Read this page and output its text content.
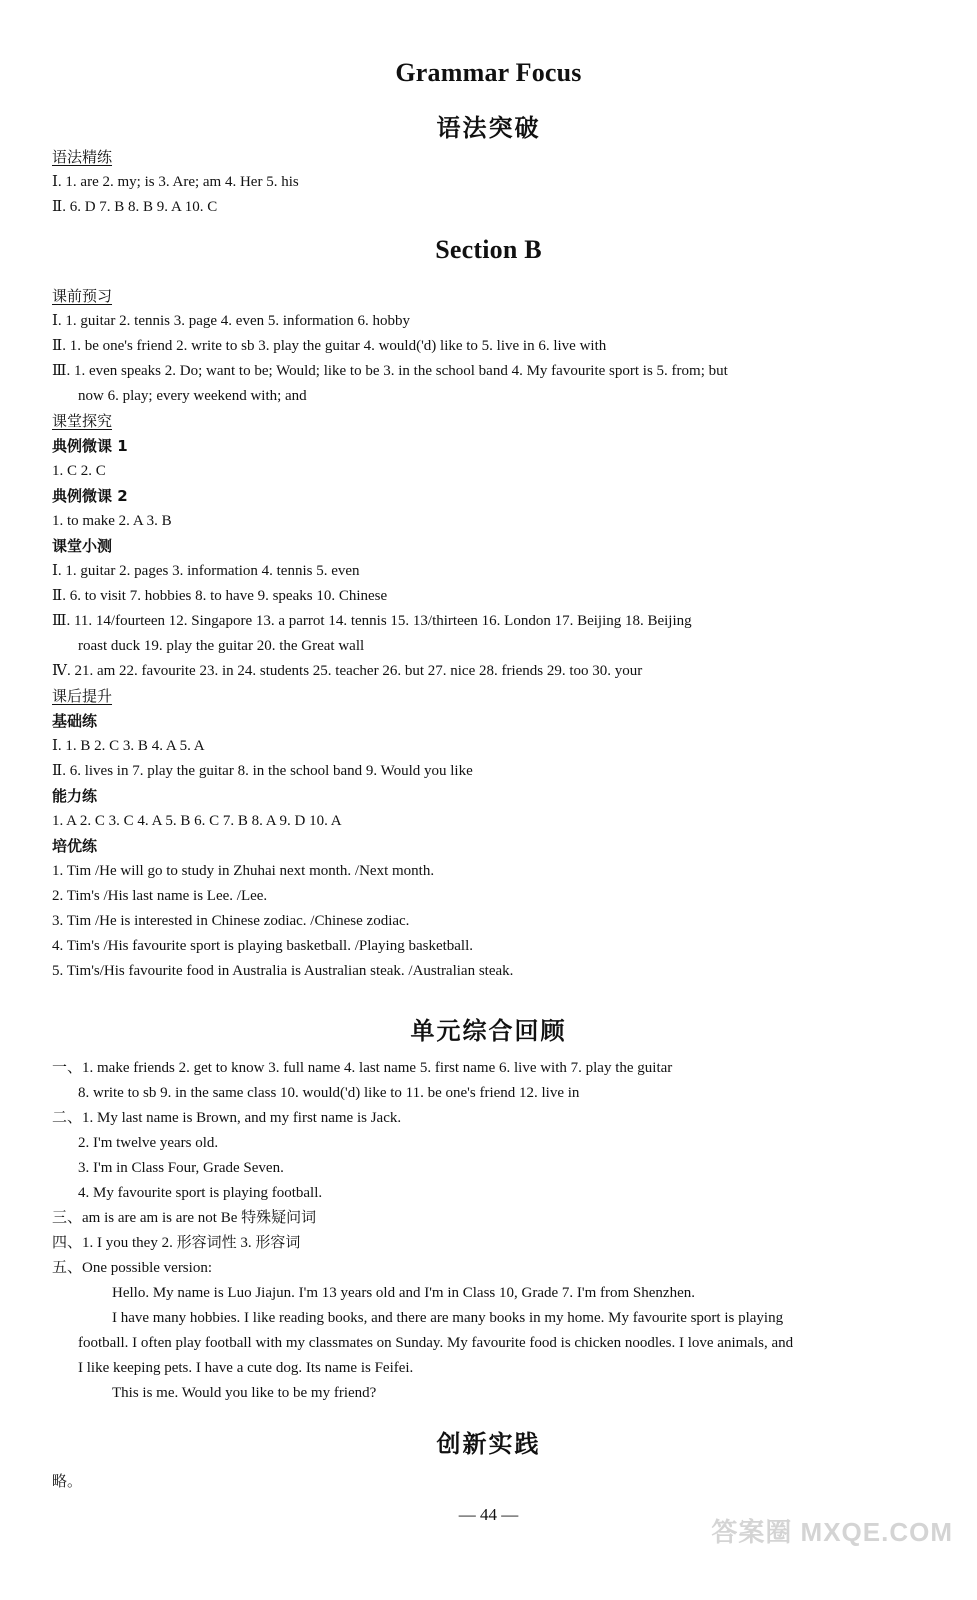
Grammar Focus
语法突破
语法精练
Ⅰ. 1. are 2. my; is 3. Are; am 4. Her 5. his
Ⅱ. 6. D 7. B 8. B 9. A 10. C
Section B
课前预习
Ⅰ. 1. guitar 2. tennis 3. page 4. even 5. information 6. hobby
Ⅱ. 1. be one's friend 2. write to sb 3. play the guitar 4. would('d) like to 5. live in 6. live with
Ⅲ. 1. even speaks 2. Do; want to be; Would; like to be 3. in the school band 4. My favourite sport is 5. from; but
now 6. play; every weekend with; and
课堂探究
典例微课 1
1. C 2. C
典例微课 2
1. to make 2. A 3. B
课堂小测
Ⅰ. 1. guitar 2. pages 3. information 4. tennis 5. even
Ⅱ. 6. to visit 7. hobbies 8. to have 9. speaks 10. Chinese
Ⅲ. 11. 14/fourteen 12. Singapore 13. a parrot 14. tennis 15. 13/thirteen 16. London 17. Beijing 18. Beijing
roast duck 19. play the guitar 20. the Great wall
Ⅳ. 21. am 22. favourite 23. in 24. students 25. teacher 26. but 27. nice 28. friends 29. too 30. your
课后提升
基础练
Ⅰ. 1. B 2. C 3. B 4. A 5. A
Ⅱ. 6. lives in 7. play the guitar 8. in the school band 9. Would you like
能力练
1. A 2. C 3. C 4. A 5. B 6. C 7. B 8. A 9. D 10. A
培优练
1. Tim /He will go to study in Zhuhai next month. /Next month.
2. Tim's /His last name is Lee. /Lee.
3. Tim /He is interested in Chinese zodiac. /Chinese zodiac.
4. Tim's /His favourite sport is playing basketball. /Playing basketball.
5. Tim's/His favourite food in Australia is Australian steak. /Australian steak.
单元综合回顾
一、1. make friends 2. get to know 3. full name 4. last name 5. first name 6. live with 7. play the guitar
8. write to sb 9. in the same class 10. would('d) like to 11. be one's friend 12. live in
二、1. My last name is Brown, and my first name is Jack.
2. I'm twelve years old.
3. I'm in Class Four, Grade Seven.
4. My favourite sport is playing football.
三、am is are am is are not Be 特殊疑问词
四、1. I you they 2. 形容词性 3. 形容词
五、One possible version:
Hello. My name is Luo Jiajun. I'm 13 years old and I'm in Class 10, Grade 7. I'm from Shenzhen.
I have many hobbies. I like reading books, and there are many books in my home. My favourite sport is playing
football. I often play football with my classmates on Sunday. My favourite food is chicken noodles. I love animals, and
I like keeping pets. I have a cute dog. Its name is Feifei.
This is me. Would you like to be my friend?
创新实践
略。
— 44 —
答案圈 MXQE.COM
